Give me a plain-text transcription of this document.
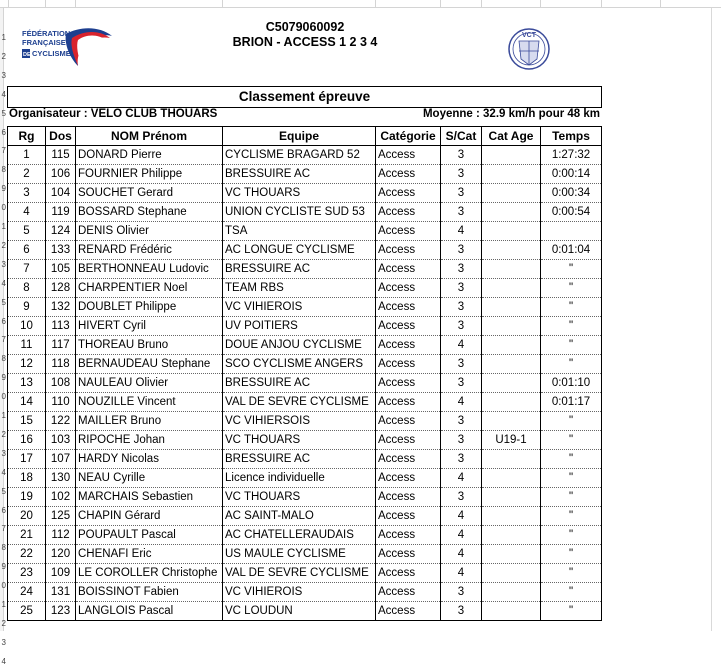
1
2
3
4
5
6
7
8
9
0
1
2
3
4
5
6
7
8
9
0
1
2
3
4
5
6
7
8
9
0
1
2
3
4
FÉDÉRATION
FRANÇAISE
DE CYCLISME
C5079060092
BRION - ACCESS 1 2 3 4	VCT
Classement épreuve
Organisateur : VELO CLUB THOUARS	Moyenne : 32.9 km/h pour 48 km
Rg	Dos	NOM Prénom	Equipe	Catégorie	S/Cat	Cat Age	Temps
1	115	DONARD Pierre	CYCLISME BRAGARD 52	Access	3		1:27:32
2	106	FOURNIER Philippe	BRESSUIRE AC	Access	3		0:00:14
3	104	SOUCHET Gerard	VC THOUARS	Access	3		0:00:34
4	119	BOSSARD Stephane	UNION CYCLISTE SUD 53	Access	3		0:00:54
5	124	DENIS Olivier	TSA	Access	4		
6	133	RENARD Frédéric	AC LONGUE CYCLISME	Access	3		0:01:04
7	105	BERTHONNEAU Ludovic	BRESSUIRE AC	Access	3		"
8	128	CHARPENTIER Noel	TEAM RBS	Access	3		"
9	132	DOUBLET Philippe	VC VIHIEROIS	Access	3		"
10	113	HIVERT Cyril	UV POITIERS	Access	3		"
11	117	THOREAU Bruno	DOUE ANJOU CYCLISME	Access	4		"
12	118	BERNAUDEAU Stephane	SCO CYCLISME ANGERS	Access	3		"
13	108	NAULEAU Olivier	BRESSUIRE AC	Access	3		0:01:10
14	110	NOUZILLE Vincent	VAL DE SEVRE CYCLISME	Access	4		0:01:17
15	122	MAILLER Bruno	VC VIHIERSOIS	Access	3		"
16	103	RIPOCHE Johan	VC THOUARS	Access	3	U19-1	"
17	107	HARDY Nicolas	BRESSUIRE AC	Access	3		"
18	130	NEAU Cyrille	Licence individuelle	Access	4		"
19	102	MARCHAIS Sebastien	VC THOUARS	Access	3		"
20	125	CHAPIN Gérard	AC SAINT-MALO	Access	4		"
21	112	POUPAULT Pascal	AC CHATELLERAUDAIS	Access	4		"
22	120	CHENAFI Eric	US MAULE CYCLISME	Access	4		"
23	109	LE COROLLER Christophe	VAL DE SEVRE CYCLISME	Access	4		"
24	131	BOISSINOT Fabien	VC VIHIEROIS	Access	3		"
25	123	LANGLOIS Pascal	VC LOUDUN	Access	3		"
